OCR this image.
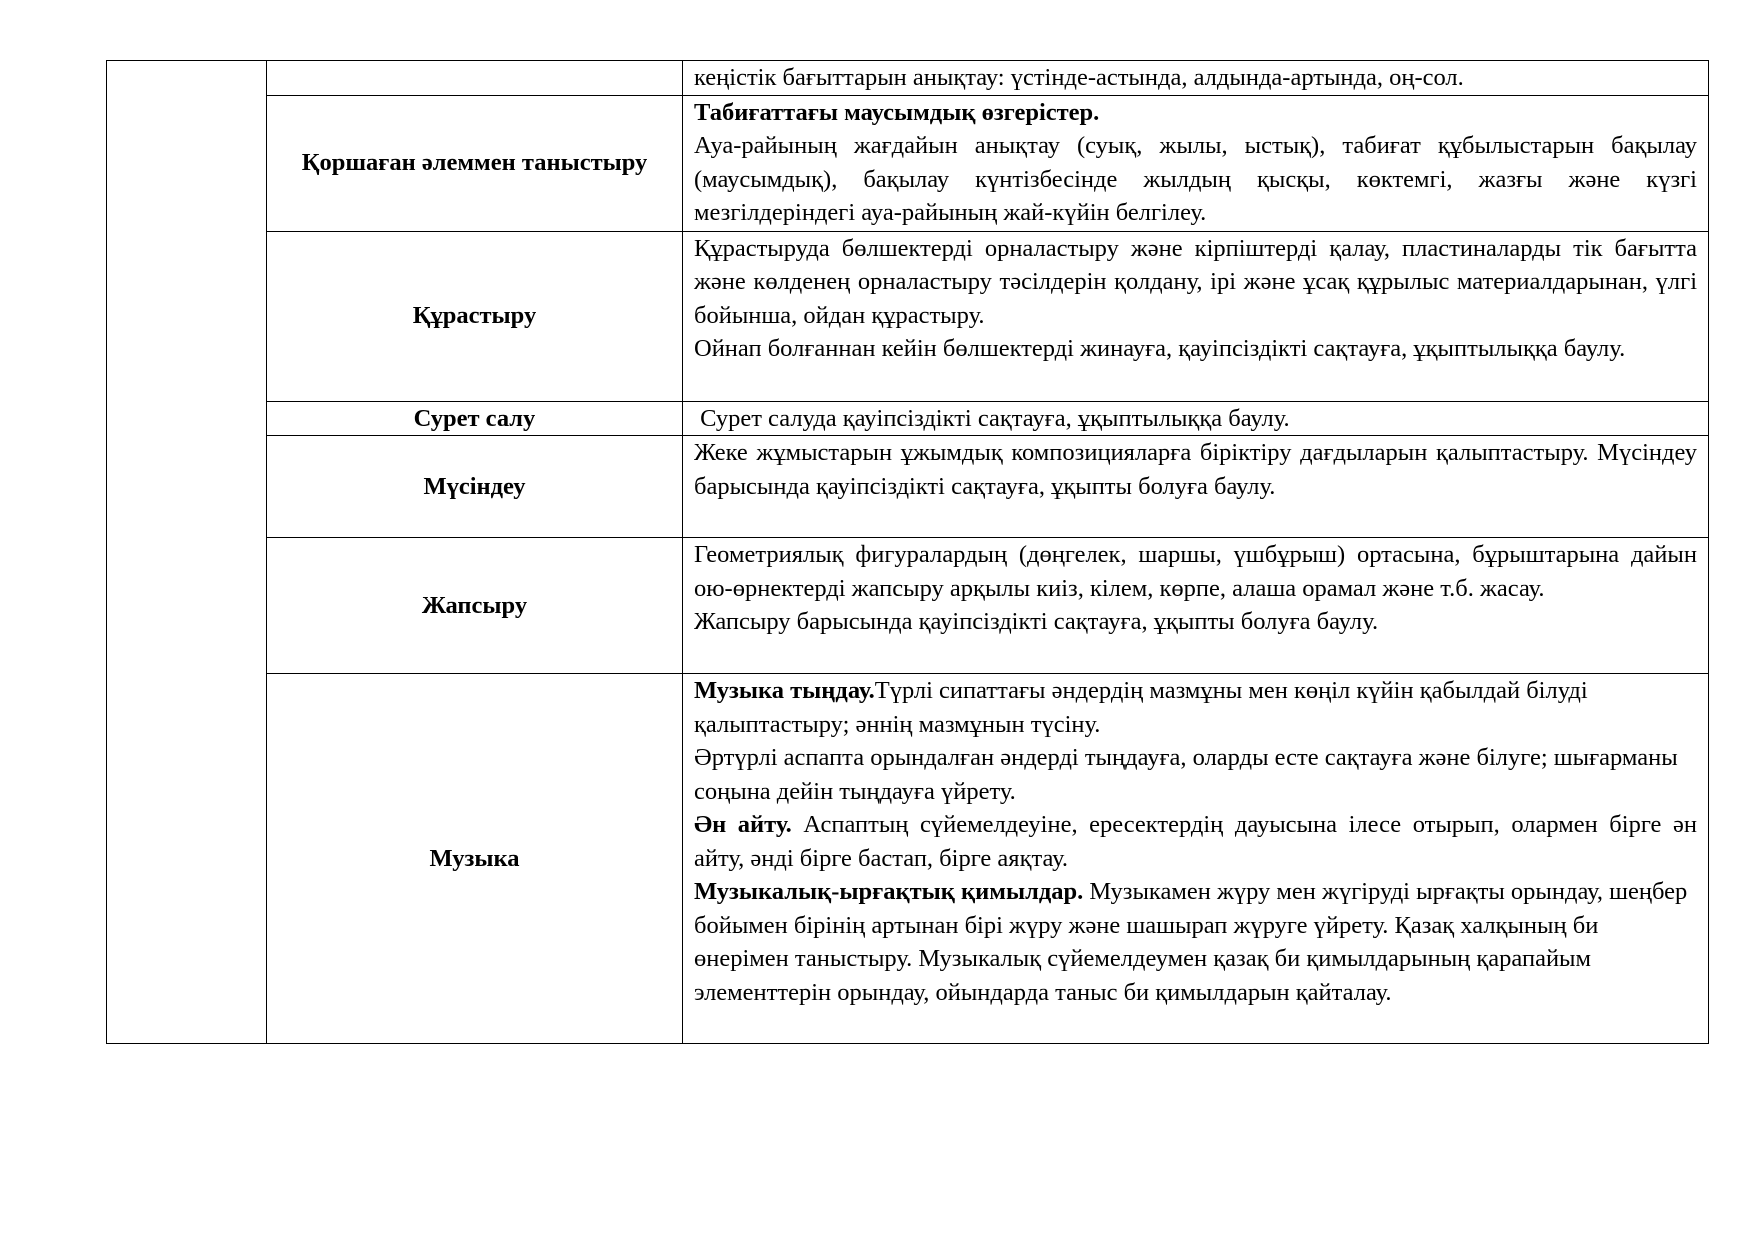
		кеңістік бағыттарын анықтау: үстінде-астында, алдында-артында, оң-сол.

	Қоршаған әлеммен таныстыру	Табиғаттағы маусымдық өзгерістер.
Ауа-райының жағдайын анықтау (суық, жылы, ыстық), табиғат құбылыстарын бақылау (маусымдық), бақылау күнтізбесінде жылдың қысқы, көктемгі, жазғы және күзгі мезгілдеріндегі ауа-райының жай-күйін белгілеу.

	Құрастыру	Құрастыруда бөлшектерді орналастыру және кірпіштерді қалау, пластиналарды тік бағытта және көлденең орналастыру тәсілдерін қолдану, ірі және ұсақ құрылыс материалдарынан, үлгі бойынша, ойдан құрастыру.
Ойнап болғаннан кейін бөлшектерді жинауға, қауіпсіздікті сақтауға, ұқыптылыққа баулу.

	Сурет салу	Сурет салуда қауіпсіздікті сақтауға, ұқыптылыққа баулу.

	Мүсіндеу	Жеке жұмыстарын ұжымдық композицияларға біріктіру дағдыларын қалыптастыру. Мүсіндеу барысында қауіпсіздікті сақтауға, ұқыпты болуға баулу.

	Жапсыру	Геометриялық фигуралардың (дөңгелек, шаршы, үшбұрыш) ортасына, бұрыштарына дайын ою-өрнектерді жапсыру арқылы киіз, кілем, көрпе, алаша орамал және т.б. жасау.
Жапсыру барысында қауіпсіздікті сақтауға, ұқыпты болуға баулу.

	Музыка	Музыка тыңдау.Түрлі сипаттағы әндердің мазмұны мен көңіл күйін қабылдай білуді қалыптастыру; әннің мазмұнын түсіну.
Әртүрлі аспапта орындалған әндерді тыңдауға, оларды есте сақтауға және білуге; шығарманы соңына дейін тыңдауға үйрету.
Ән айту. Аспаптың сүйемелдеуіне, ересектердің дауысына ілесе отырып, олармен бірге ән айту, әнді бірге бастап, бірге аяқтау.
Музыкалық-ырғақтық қимылдар. Музыкамен жүру мен жүгіруді ырғақты орындау, шеңбер бойымен бірінің артынан бірі жүру және шашырап жүруге үйрету. Қазақ халқының би өнерімен таныстыру. Музыкалық сүйемелдеумен қазақ би қимылдарының қарапайым элементтерін орындау, ойындарда таныс би қимылдарын қайталау.
